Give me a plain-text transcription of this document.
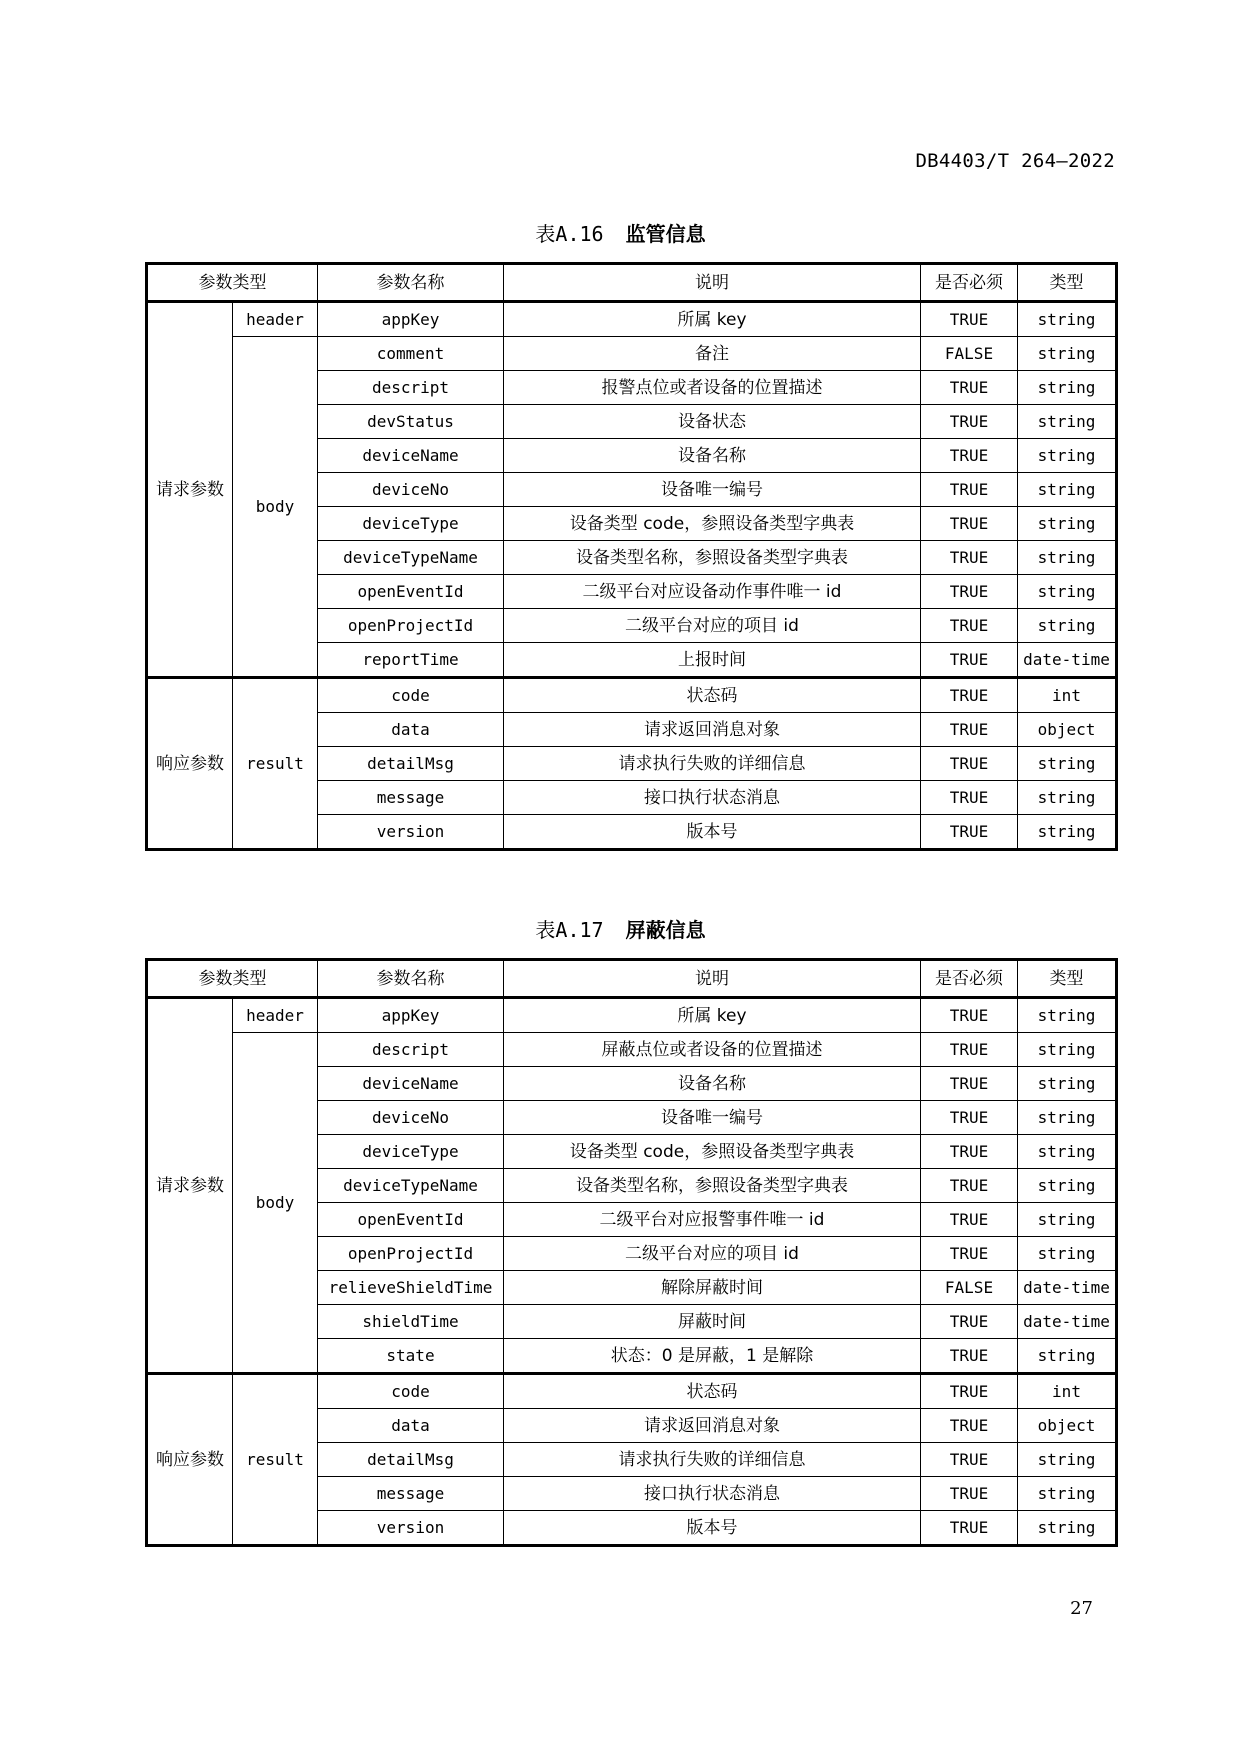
DB4403/T 264—2022
表A.16 监管信息
参数类型		参数名称	说明	是否必须	类型
请求参数	header	appKey	所属 key	TRUE	string
	body	comment	备注	FALSE	string
		descript	报警点位或者设备的位置描述	TRUE	string
		devStatus	设备状态	TRUE	string
		deviceName	设备名称	TRUE	string
		deviceNo	设备唯一编号	TRUE	string
		deviceType	设备类型 code，参照设备类型字典表	TRUE	string
		deviceTypeName	设备类型名称，参照设备类型字典表	TRUE	string
		openEventId	二级平台对应设备动作事件唯一 id	TRUE	string
		openProjectId	二级平台对应的项目 id	TRUE	string
		reportTime	上报时间	TRUE	date-time
响应参数	result	code	状态码	TRUE	int
		data	请求返回消息对象	TRUE	object
		detailMsg	请求执行失败的详细信息	TRUE	string
		message	接口执行状态消息	TRUE	string
		version	版本号	TRUE	string
表A.17 屏蔽信息
参数类型		参数名称	说明	是否必须	类型
请求参数	header	appKey	所属 key	TRUE	string
	body	descript	屏蔽点位或者设备的位置描述	TRUE	string
		deviceName	设备名称	TRUE	string
		deviceNo	设备唯一编号	TRUE	string
		deviceType	设备类型 code，参照设备类型字典表	TRUE	string
		deviceTypeName	设备类型名称，参照设备类型字典表	TRUE	string
		openEventId	二级平台对应报警事件唯一 id	TRUE	string
		openProjectId	二级平台对应的项目 id	TRUE	string
		relieveShieldTime	解除屏蔽时间	FALSE	date-time
		shieldTime	屏蔽时间	TRUE	date-time
		state	状态：0 是屏蔽，1 是解除	TRUE	string
响应参数	result	code	状态码	TRUE	int
		data	请求返回消息对象	TRUE	object
		detailMsg	请求执行失败的详细信息	TRUE	string
		message	接口执行状态消息	TRUE	string
		version	版本号	TRUE	string
27
